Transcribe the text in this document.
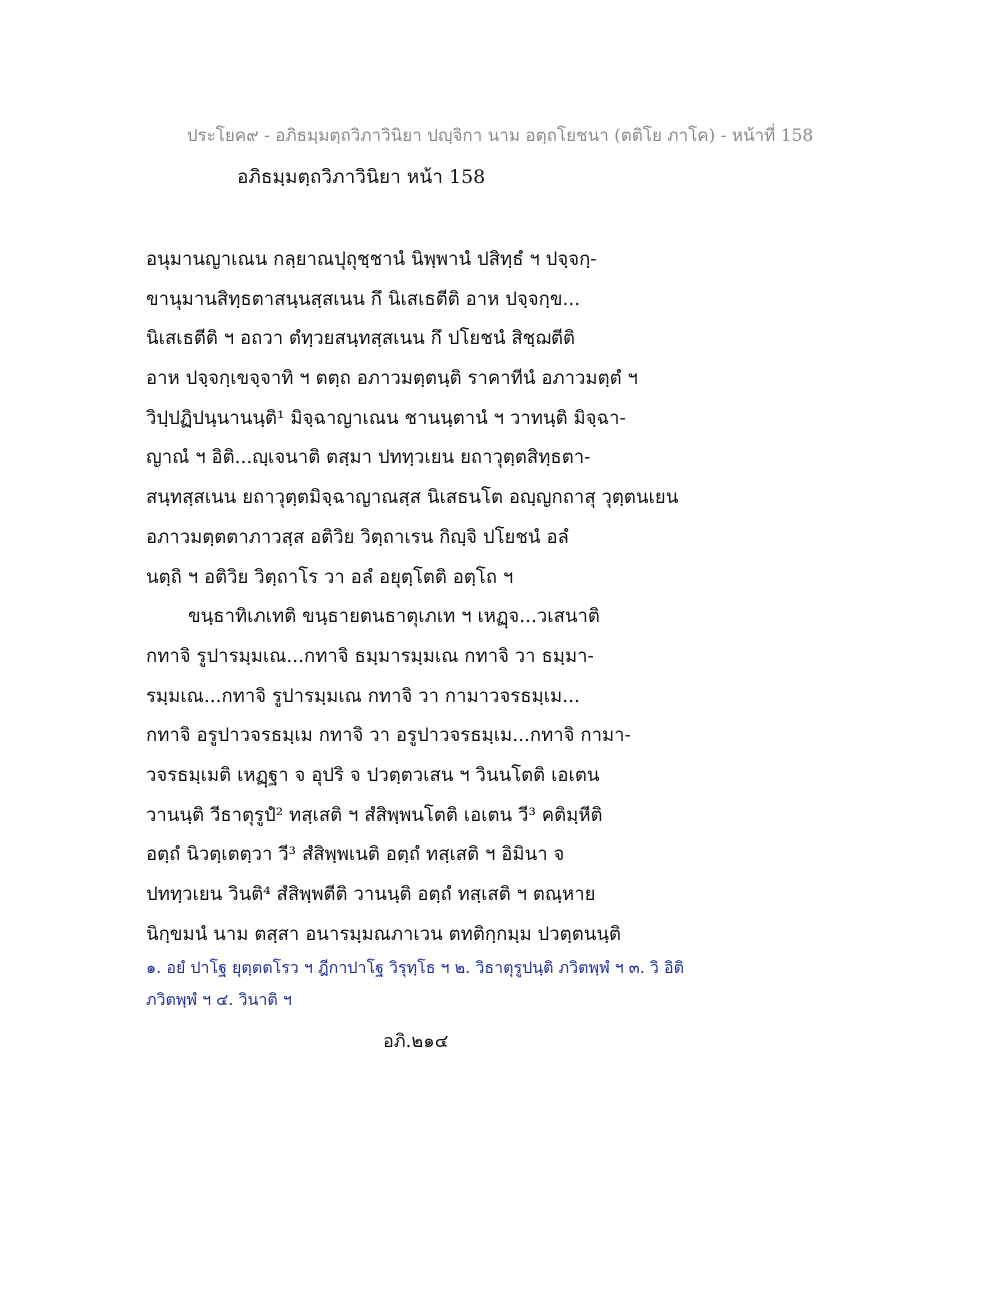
ประโยค๙ - อภิธมฺมตฺถวิภาวินิยา ปญฺจิกา นาม อตฺถโยชนา (ตติโย ภาโค) - หน้าที่ 158
อภิธมฺมตฺถวิภาวินิยา หน้า 158
อนุมานญาเณน กลฺยาณปุถุชฺชานํ นิพฺพานํ ปสิทฺธํ ฯ ปจฺจกฺ-
ขานุมานสิทฺธตาสนฺนสฺสเนน กึ นิเสเธตีติ อาห ปจฺจกฺข...
นิเสเธตีติ ฯ อถวา ตํทฺวยสนฺทสฺสเนน กึ ปโยชนํ สิชฺฌตีติ
อาห ปจฺจกฺเขจฺจาทิ ฯ ตตฺถ อภาวมตฺตนฺติ ราคาทีนํ อภาวมตฺตํ ฯ
วิปฺปฏิปนฺนานนฺติ¹ มิจฺฉาญาเณน ชานนฺตานํ ฯ วาทนฺติ มิจฺฉา-
ญาณํ ฯ อิติ...ญฺเจนาติ ตสฺมา ปททฺวเยน ยถาวุตฺตสิทฺธตา-
สนฺทสฺสเนน ยถาวุตฺตมิจฺฉาญาณสฺส นิเสธนโต อญฺญกถาสุ วุตฺตนเยน
อภาวมตฺตตาภาวสฺส อติวิย วิตฺถาเรน กิญฺจิ ปโยชนํ อลํ
นตฺถิ ฯ อติวิย วิตฺถาโร วา อลํ อยุตฺโตติ อตฺโถ ฯ
ขนฺธาทิเภเทติ ขนฺธายตนธาตุเภเท ฯ เหฏฺจ...วเสนาติ
กทาจิ รูปารมฺมเณ...กทาจิ ธมฺมารมฺมเณ กทาจิ วา ธมฺมา-
รมฺมเณ...กทาจิ รูปารมฺมเณ กทาจิ วา กามาวจรธมฺเม...
กทาจิ อรูปาวจรธมฺเม กทาจิ วา อรูปาวจรธมฺเม...กทาจิ กามา-
วจรธมฺเมติ เหฏฺฐา จ อุปริ จ ปวตฺตวเสน ฯ วินนโตติ เอเตน
วานนฺติ วีธาตุรูปํ² ทสฺเสติ ฯ สํสิพฺพนโตติ เอเตน วี³ คติมฺหีติ
อตฺถํ นิวตฺเตตฺวา วี³ สํสิพฺพเนติ อตฺถํ ทสฺเสติ ฯ อิมินา จ
ปททฺวเยน วินติ⁴ สํสิพฺพตีติ วานนฺติ อตฺถํ ทสฺเสติ ฯ ตณฺหาย
นิกฺขมนํ นาม ตสฺสา อนารมฺมณภาเวน ตทติกฺกมฺม ปวตฺตนนฺติ
๑. อยํ ปาโฐ ยุตฺตตโรว ฯ ฎีกาปาโฐ วิรุทฺโธ ฯ ๒. วิธาตุรูปนฺติ ภวิตพฺพํ ฯ ๓. วิ อิติ
ภวิตพฺพํ ฯ ๔. วินาติ ฯ
อภิ.๒๑๔
